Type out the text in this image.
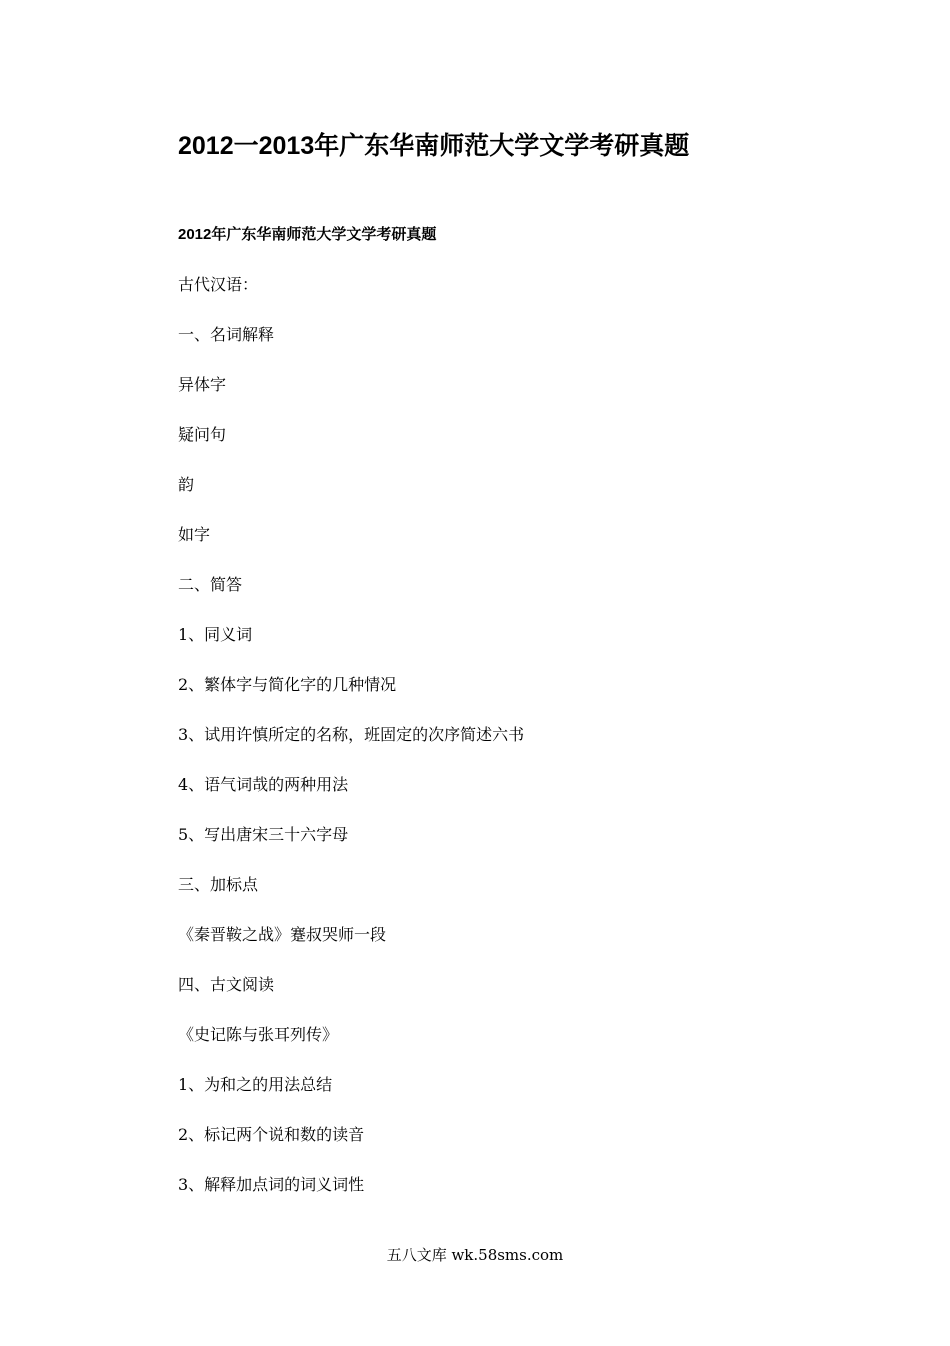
2012一2013年广东华南师范大学文学考研真题
2012年广东华南师范大学文学考研真题
古代汉语：
一、名词解释
异体字
疑问句
韵
如字
二、简答
1、同义词
2、繁体字与简化字的几种情况
3、试用许慎所定的名称，班固定的次序简述六书
4、语气词哉的两种用法
5、写出唐宋三十六字母
三、加标点
《秦晋鞍之战》蹇叔哭师一段
四、古文阅读
《史记陈与张耳列传》
1、为和之的用法总结
2、标记两个说和数的读音
3、解释加点词的词义词性
五八文库 wk.58sms.com
